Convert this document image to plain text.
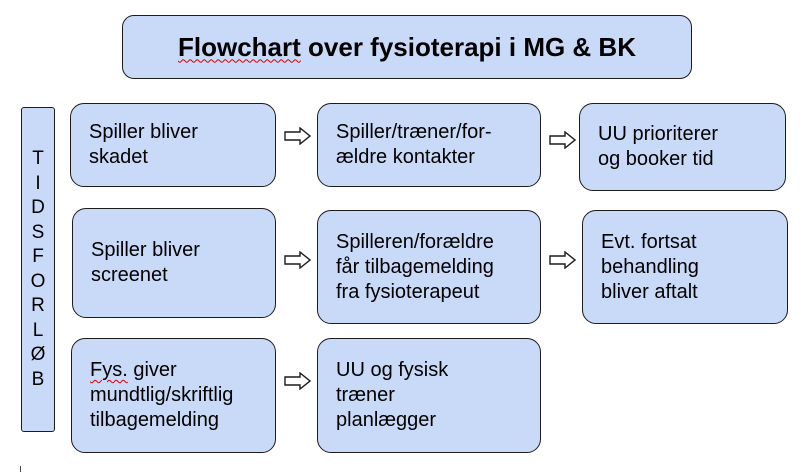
Flowchart over fysioterapi i MG & BK
T
I
D
S
F
O
R
L
Ø
B
Spiller bliver
skadet
Spiller/træner/for-
ældre kontakter
UU prioriterer
og booker tid
Spiller bliver
screenet
Spilleren/forældre
får tilbagemelding
fra fysioterapeut
Evt. fortsat
behandling
bliver aftalt
Fys. giver
mundtlig/skriftlig
tilbagemelding
UU og fysisk
træner
planlægger
